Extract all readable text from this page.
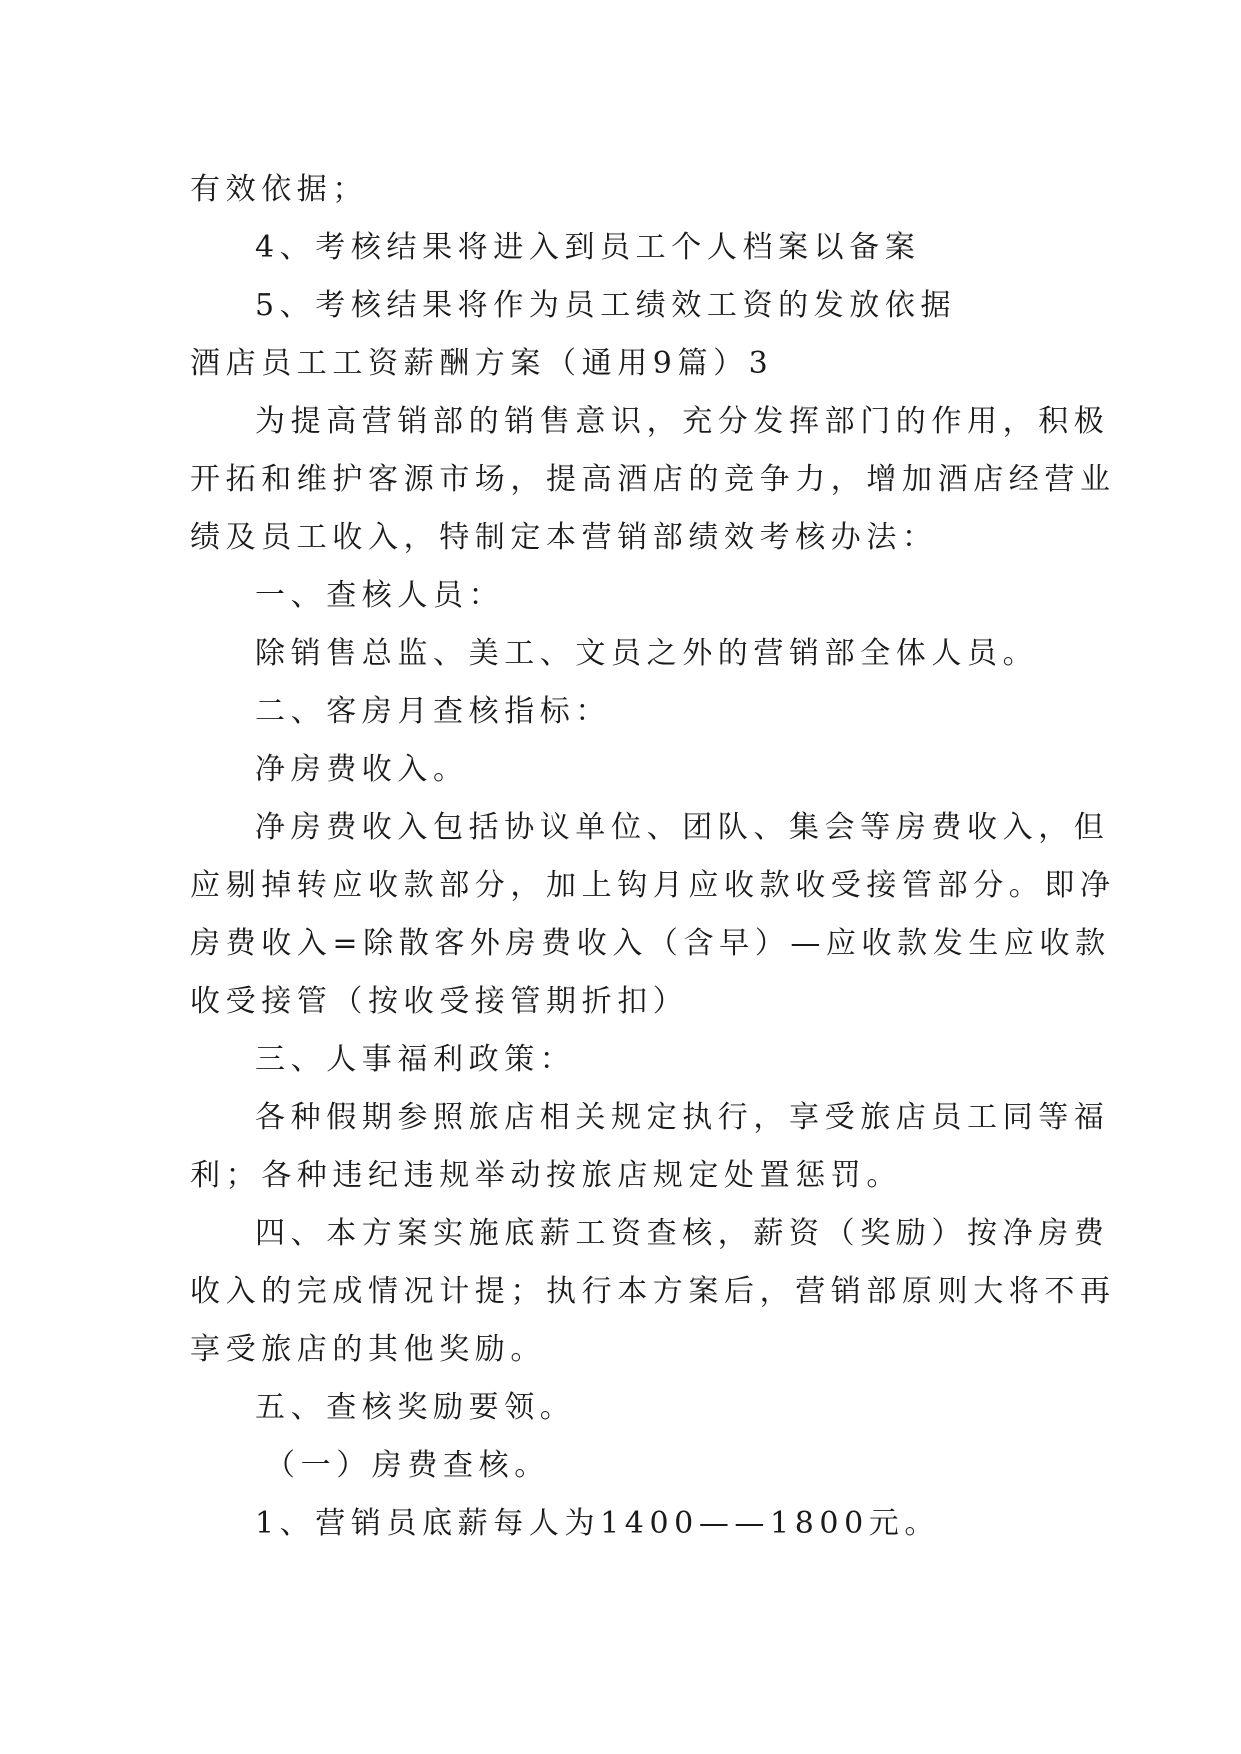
有效依据；
4、考核结果将进入到员工个人档案以备案
5、考核结果将作为员工绩效工资的发放依据
酒店员工工资薪酬方案（通用9篇）3
为提高营销部的销售意识，充分发挥部门的作用，积极
开拓和维护客源市场，提高酒店的竞争力，增加酒店经营业
绩及员工收入，特制定本营销部绩效考核办法：
一、查核人员：
除销售总监、美工、文员之外的营销部全体人员。
二、客房月查核指标：
净房费收入。
净房费收入包括协议单位、团队、集会等房费收入，但
应剔掉转应收款部分，加上钩月应收款收受接管部分。即净
房费收入=除散客外房费收入（含早）—应收款发生应收款
收受接管（按收受接管期折扣）
三、人事福利政策：
各种假期参照旅店相关规定执行，享受旅店员工同等福
利；各种违纪违规举动按旅店规定处置惩罚。
四、本方案实施底薪工资查核，薪资（奖励）按净房费
收入的完成情况计提；执行本方案后，营销部原则大将不再
享受旅店的其他奖励。
五、查核奖励要领。
（一）房费查核。
1、营销员底薪每人为1400——1800元。
